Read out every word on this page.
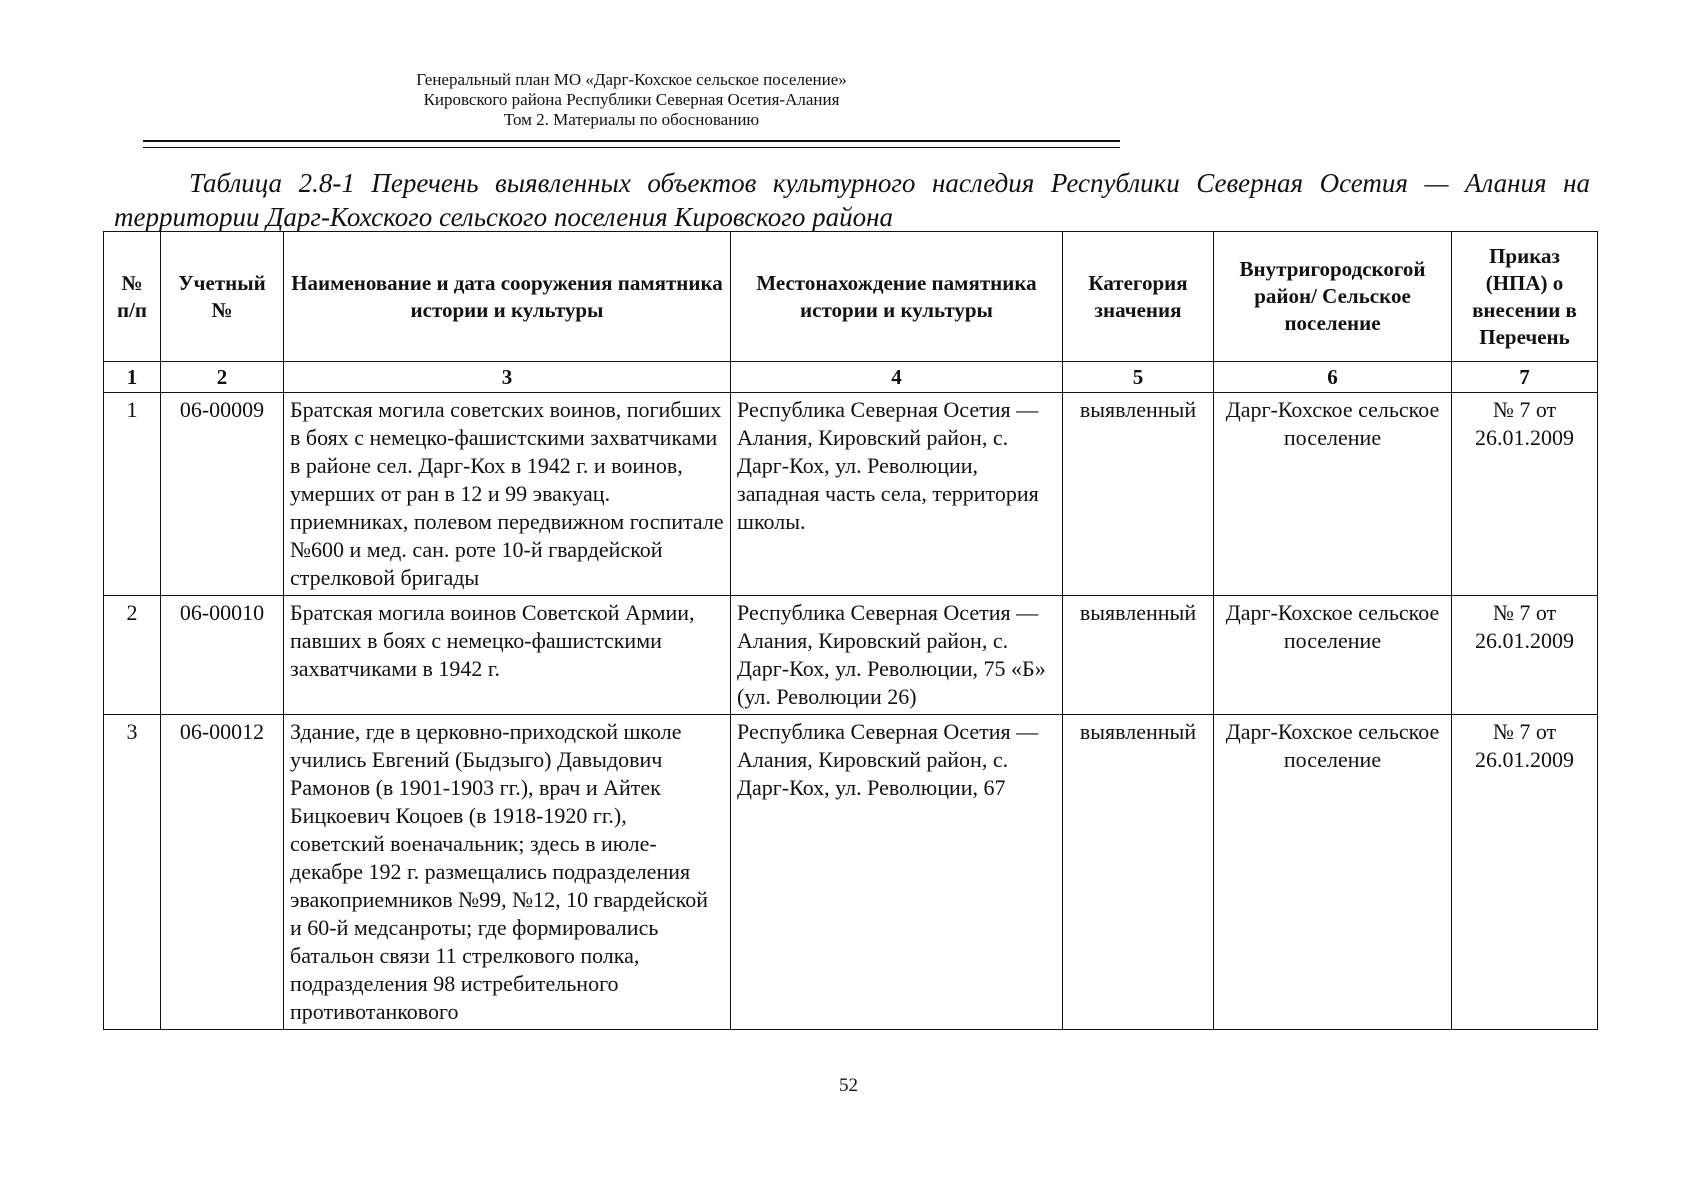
Генеральный план МО «Дарг-Кохское сельское поселение»
Кировского района Республики Северная Осетия-Алания
Том 2. Материалы по обоснованию
Таблица 2.8-1 Перечень выявленных объектов культурного наследия Республики Северная Осетия — Алания на территории Дарг-Кохского сельского поселения Кировского района
№ п/п	Учетный №	Наименование и дата сооружения памятника истории и культуры	Местонахождение памятника истории и культуры	Категория значения	Внутригородскогой район/ Сельское поселение	Приказ (НПА) о внесении в Перечень
1	2	3	4	5	6	7
1	06-00009	Братская могила советских воинов, погибших в боях с немецко-фашистскими захватчиками в районе сел. Дарг-Кох в 1942 г. и воинов, умерших от ран в 12 и 99 эвакуац. приемниках, полевом передвижном госпитале №600 и мед. сан. роте 10-й гвардейской стрелковой бригады	Республика Северная Осетия — Алания, Кировский район, с. Дарг-Кох, ул. Революции, западная часть села, территория школы.	выявленный	Дарг-Кохское сельское поселение	№ 7 от 26.01.2009
2	06-00010	Братская могила воинов Советской Армии, павших в боях с немецко-фашистскими захватчиками в 1942 г.	Республика Северная Осетия — Алания, Кировский район, с. Дарг-Кох, ул. Революции, 75 «Б» (ул. Революции 26)	выявленный	Дарг-Кохское сельское поселение	№ 7 от 26.01.2009
3	06-00012	Здание, где в церковно-приходской школе учились Евгений (Быдзыго) Давыдович Рамонов (в 1901-1903 гг.), врач и Айтек Бицкоевич Коцоев (в 1918-1920 гг.), советский военачальник; здесь в июле-декабре 192 г. размещались подразделения эвакоприемников №99, №12, 10 гвардейской и 60-й медсанроты; где формировались батальон связи 11 стрелкового полка, подразделения 98 истребительного противотанкового	Республика Северная Осетия — Алания, Кировский район, с. Дарг-Кох, ул. Революции, 67	выявленный	Дарг-Кохское сельское поселение	№ 7 от 26.01.2009
52
